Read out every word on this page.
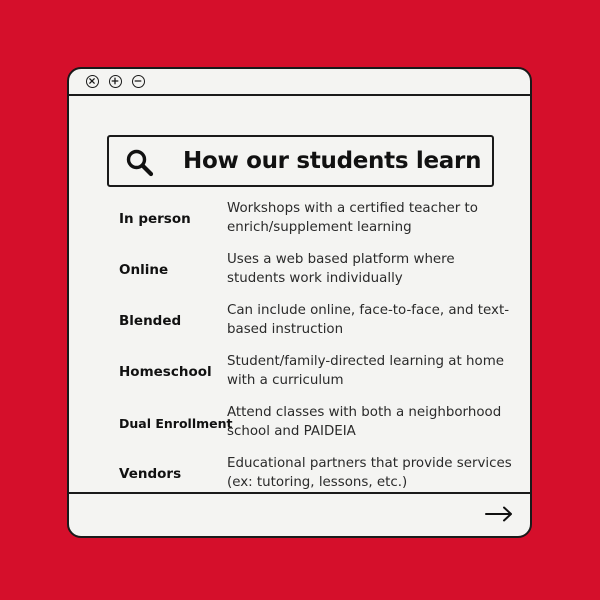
How our students learn
In person
Workshops with a certified teacher to enrich/supplement learning
Online
Uses a web based platform where students work individually
Blended
Can include online, face-to-face, and text-based instruction
Homeschool
Student/family-directed learning at home with a curriculum
Dual Enrollment
Attend classes with both a neighborhood school and PAIDEIA
Vendors
Educational partners that provide services (ex: tutoring, lessons, etc.)
